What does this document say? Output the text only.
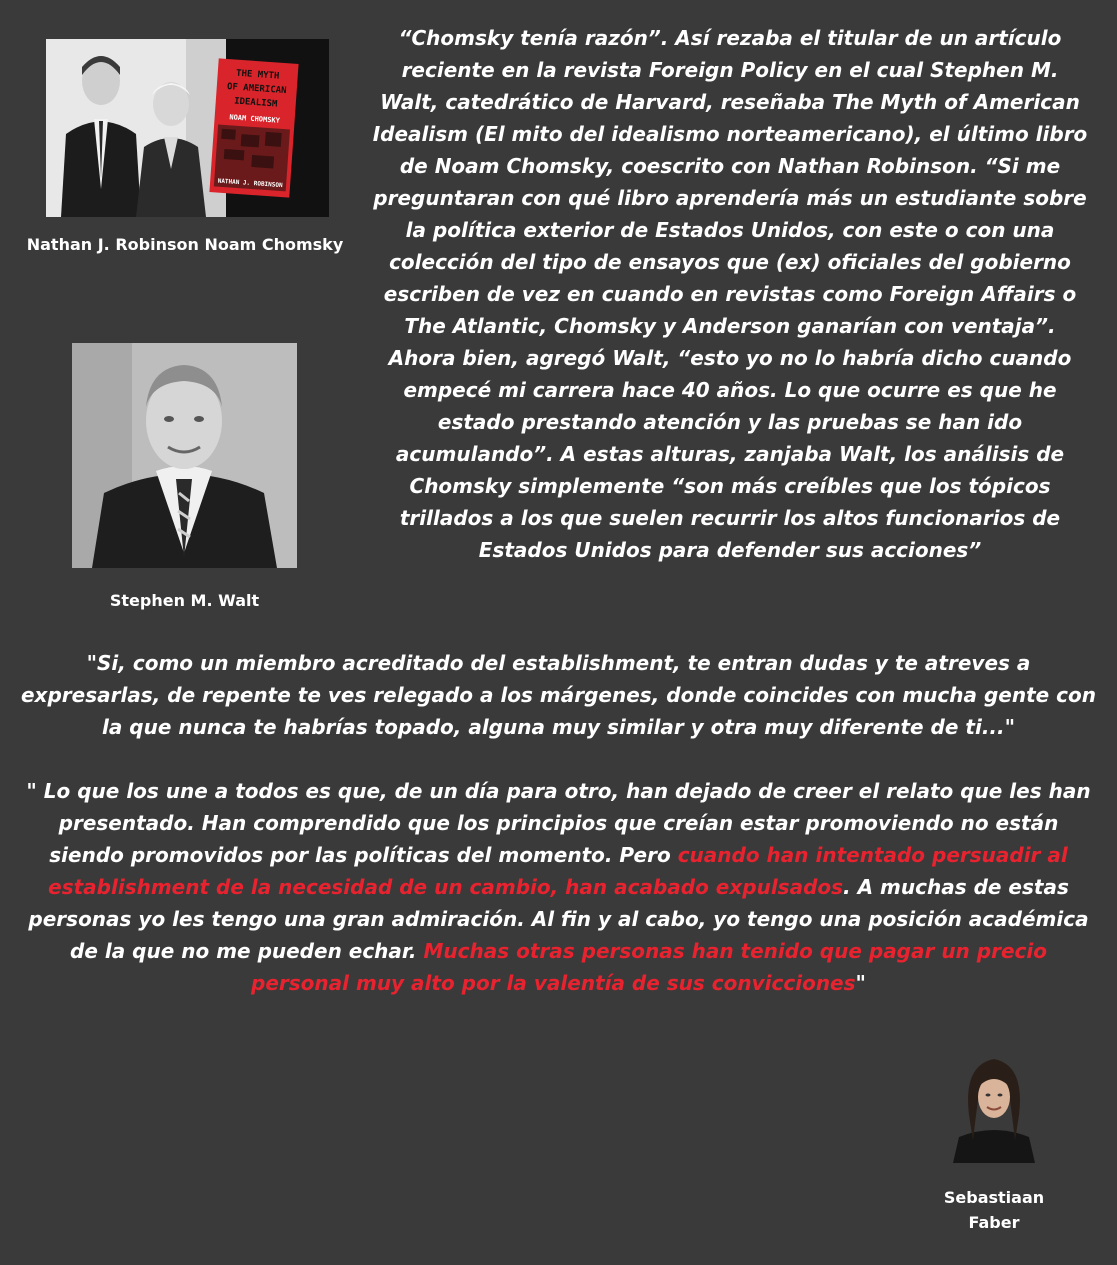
THE MYTH
OF AMERICAN
IDEALISM
NOAM CHOMSKY
NATHAN J. ROBINSON
Nathan J. Robinson Noam Chomsky
Stephen M. Walt

“Chomsky tenía razón”. Así rezaba el titular de un artículo reciente en la revista Foreign Policy en el cual Stephen M. Walt, catedrático de Harvard, reseñaba The Myth of American Idealism (El mito del idealismo norteamericano), el último libro de Noam Chomsky, coescrito con Nathan Robinson. “Si me preguntaran con qué libro aprendería más un estudiante sobre la política exterior de Estados Unidos, con este o con una colección del tipo de ensayos que (ex) oficiales del gobierno escriben de vez en cuando en revistas como Foreign Affairs o The Atlantic, Chomsky y Anderson ganarían con ventaja”. Ahora bien, agregó Walt, “esto yo no lo habría dicho cuando empecé mi carrera hace 40 años. Lo que ocurre es que he estado prestando atención y las pruebas se han ido acumulando”. A estas alturas, zanjaba Walt, los análisis de Chomsky simplemente “son más creíbles que los tópicos trillados a los que suelen recurrir los altos funcionarios de Estados Unidos para defender sus acciones”

"Si, como un miembro acreditado del establishment, te entran dudas y te atreves a expresarlas, de repente te ves relegado a los márgenes, donde coincides con mucha gente con la que nunca te habrías topado, alguna muy similar y otra muy diferente de ti..."

" Lo que los une a todos es que, de un día para otro, han dejado de creer el relato que les han presentado. Han comprendido que los principios que creían estar promoviendo no están siendo promovidos por las políticas del momento. Pero cuando han intentado persuadir al establishment de la necesidad de un cambio, han acabado expulsados. A muchas de estas personas yo les tengo una gran admiración. Al fin y al cabo, yo tengo una posición académica de la que no me pueden echar. Muchas otras personas han tenido que pagar un precio personal muy alto por la valentía de sus convicciones"

Sebastiaan
Faber
